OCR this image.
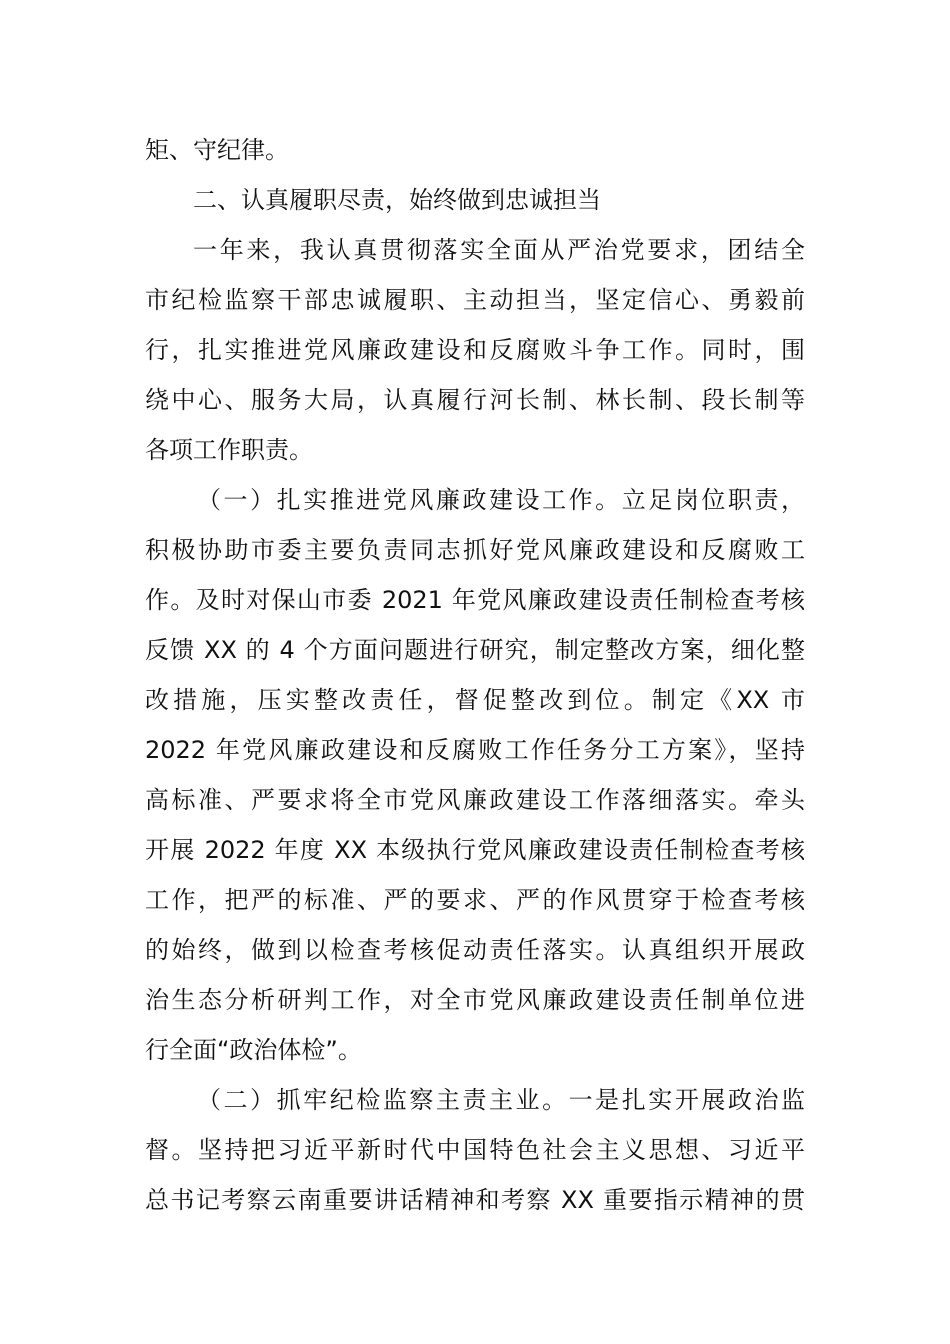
矩、守纪律。
二、认真履职尽责，始终做到忠诚担当
一年来，我认真贯彻落实全面从严治党要求，团结全
市纪检监察干部忠诚履职、主动担当，坚定信心、勇毅前
行，扎实推进党风廉政建设和反腐败斗争工作。同时，围
绕中心、服务大局，认真履行河长制、林长制、段长制等
各项工作职责。
（一）扎实推进党风廉政建设工作。立足岗位职责，
积极协助市委主要负责同志抓好党风廉政建设和反腐败工
作。及时对保山市委 2021 年党风廉政建设责任制检查考核
反馈 XX 的 4 个方面问题进行研究，制定整改方案，细化整
改措施，压实整改责任，督促整改到位。制定《XX 市
2022 年党风廉政建设和反腐败工作任务分工方案》，坚持
高标准、严要求将全市党风廉政建设工作落细落实。牵头
开展 2022 年度 XX 本级执行党风廉政建设责任制检查考核
工作，把严的标准、严的要求、严的作风贯穿于检查考核
的始终，做到以检查考核促动责任落实。认真组织开展政
治生态分析研判工作，对全市党风廉政建设责任制单位进
行全面“政治体检”。
（二）抓牢纪检监察主责主业。一是扎实开展政治监
督。坚持把习近平新时代中国特色社会主义思想、习近平
总书记考察云南重要讲话精神和考察 XX 重要指示精神的贯
